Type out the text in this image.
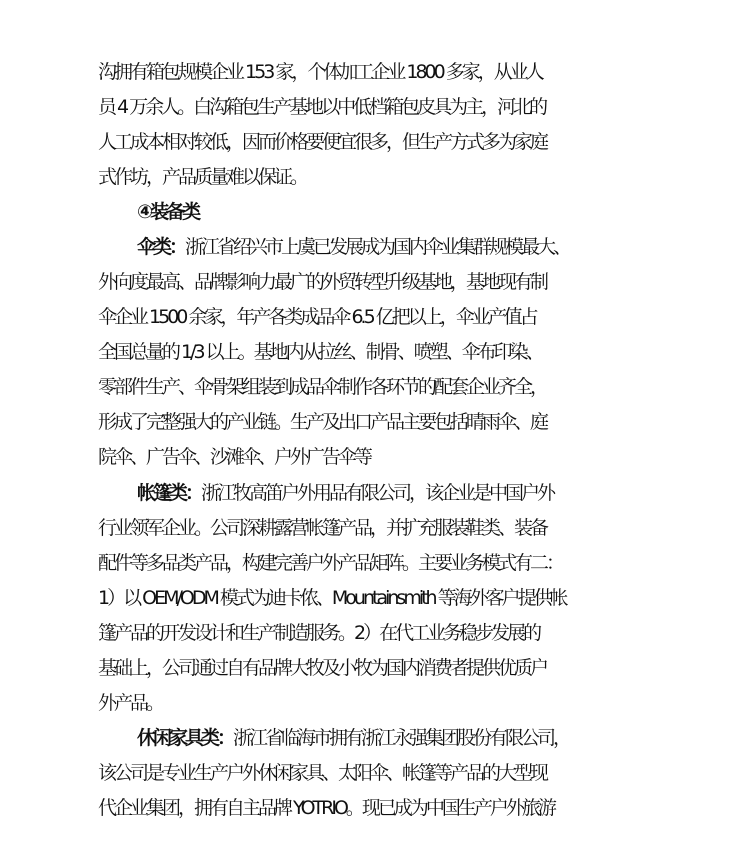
沟拥有箱包规模企业 153 家，个体加工企业 1800 多家，从业人
员 4 万余人。白沟箱包生产基地以中低档箱包皮具为主，河北的
人工成本相对较低，因而价格要便宜很多，但生产方式多为家庭
式作坊，产品质量难以保证。
④装备类
伞类：浙江省绍兴市上虞已发展成为国内伞业集群规模最大、
外向度最高、品牌影响力最广的外贸转型升级基地，基地现有制
伞企业 1500 余家，年产各类成品伞 6.5 亿把以上，伞业产值占
全国总量的 1/3 以上。基地内从拉丝、制骨、喷塑、伞布印染、
零部件生产、伞骨架组装到成品伞制作各环节的配套企业齐全，
形成了完整强大的产业链。生产及出口产品主要包括晴雨伞、庭
院伞、广告伞、沙滩伞、户外广告伞等
帐篷类：浙江牧高笛户外用品有限公司，该企业是中国户外
行业领军企业。公司深耕露营帐篷产品，并扩充服装鞋类、装备
配件等多品类产品，构建完善户外产品矩阵。主要业务模式有二：
1）以 OEM/ODM 模式为迪卡侬、Mountainsmith 等海外客户提供帐
篷产品的开发设计和生产制造服务。2）在代工业务稳步发展的
基础上，公司通过自有品牌大牧及小牧为国内消费者提供优质户
外产品。
休闲家具类：浙江省临海市拥有浙江永强集团股份有限公司，
该公司是专业生产户外休闲家具、太阳伞、帐篷等产品的大型现
代企业集团，拥有自主品牌 YOTRIO。现已成为中国生产户外旅游
